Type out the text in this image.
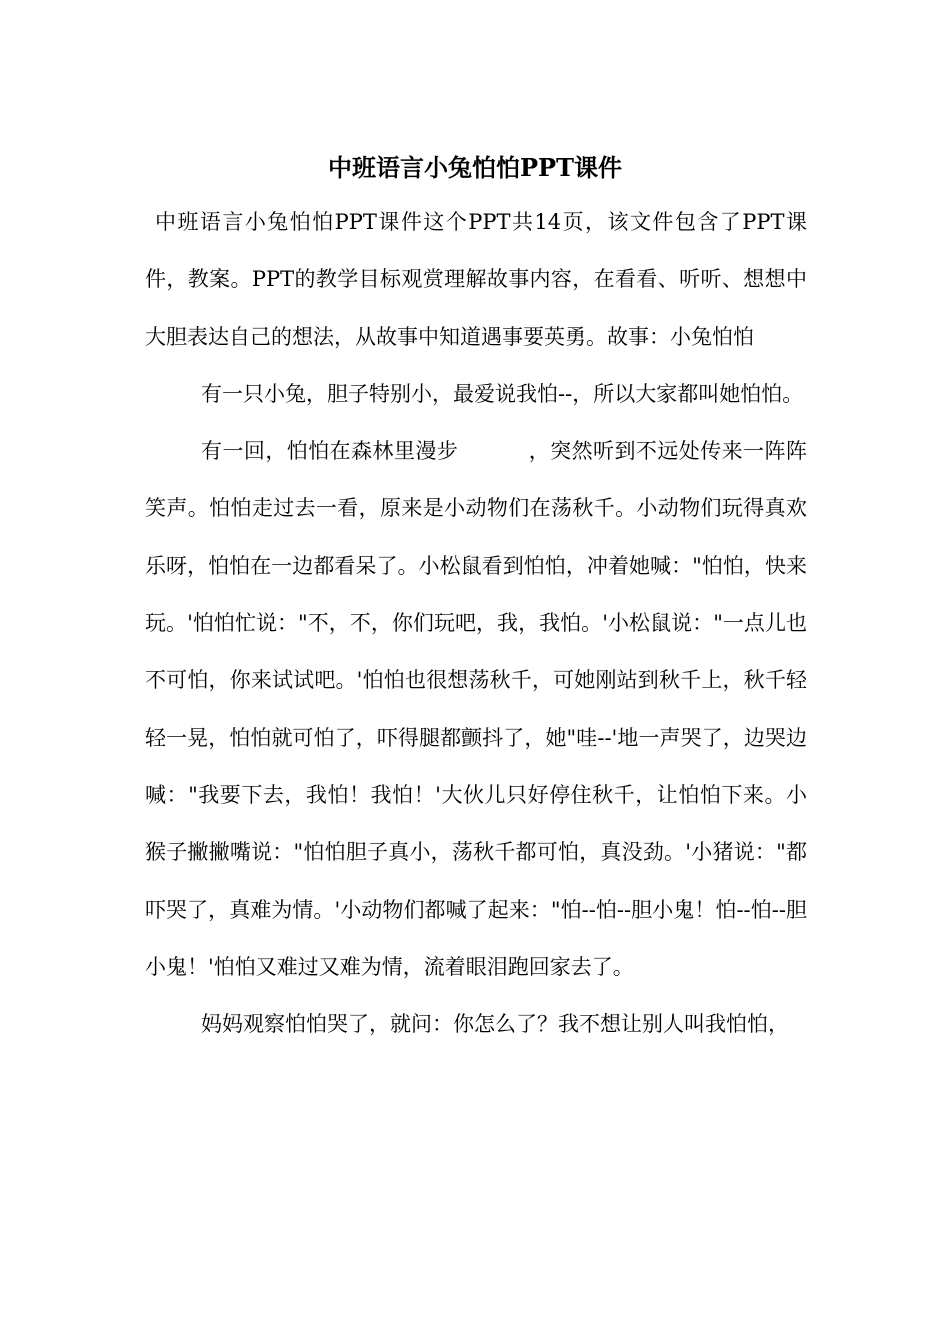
中班语言小兔怕怕PPT课件

中班语言小兔怕怕PPT课件这个PPT共14页，该文件包含了PPT课件，教案。PPT的教学目标观赏理解故事内容，在看看、听听、想想中大胆表达自己的想法，从故事中知道遇事要英勇。故事：小兔怕怕

有一只小兔，胆子特别小，最爱说我怕--，所以大家都叫她怕怕。

有一回，怕怕在森林里漫步	，突然听到不远处传来一阵阵笑声。怕怕走过去一看，原来是小动物们在荡秋千。小动物们玩得真欢乐呀，怕怕在一边都看呆了。小松鼠看到怕怕，冲着她喊："怕怕，快来玩。'怕怕忙说："不，不，你们玩吧，我，我怕。'小松鼠说："一点儿也不可怕，你来试试吧。'怕怕也很想荡秋千，可她刚站到秋千上，秋千轻轻一晃，怕怕就可怕了，吓得腿都颤抖了，她"哇--'地一声哭了，边哭边喊："我要下去，我怕！我怕！'大伙儿只好停住秋千，让怕怕下来。小猴子撇撇嘴说："怕怕胆子真小，荡秋千都可怕，真没劲。'小猪说："都吓哭了，真难为情。'小动物们都喊了起来："怕--怕--胆小鬼！怕--怕--胆小鬼！'怕怕又难过又难为情，流着眼泪跑回家去了。

妈妈观察怕怕哭了，就问：你怎么了？我不想让别人叫我怕怕，
